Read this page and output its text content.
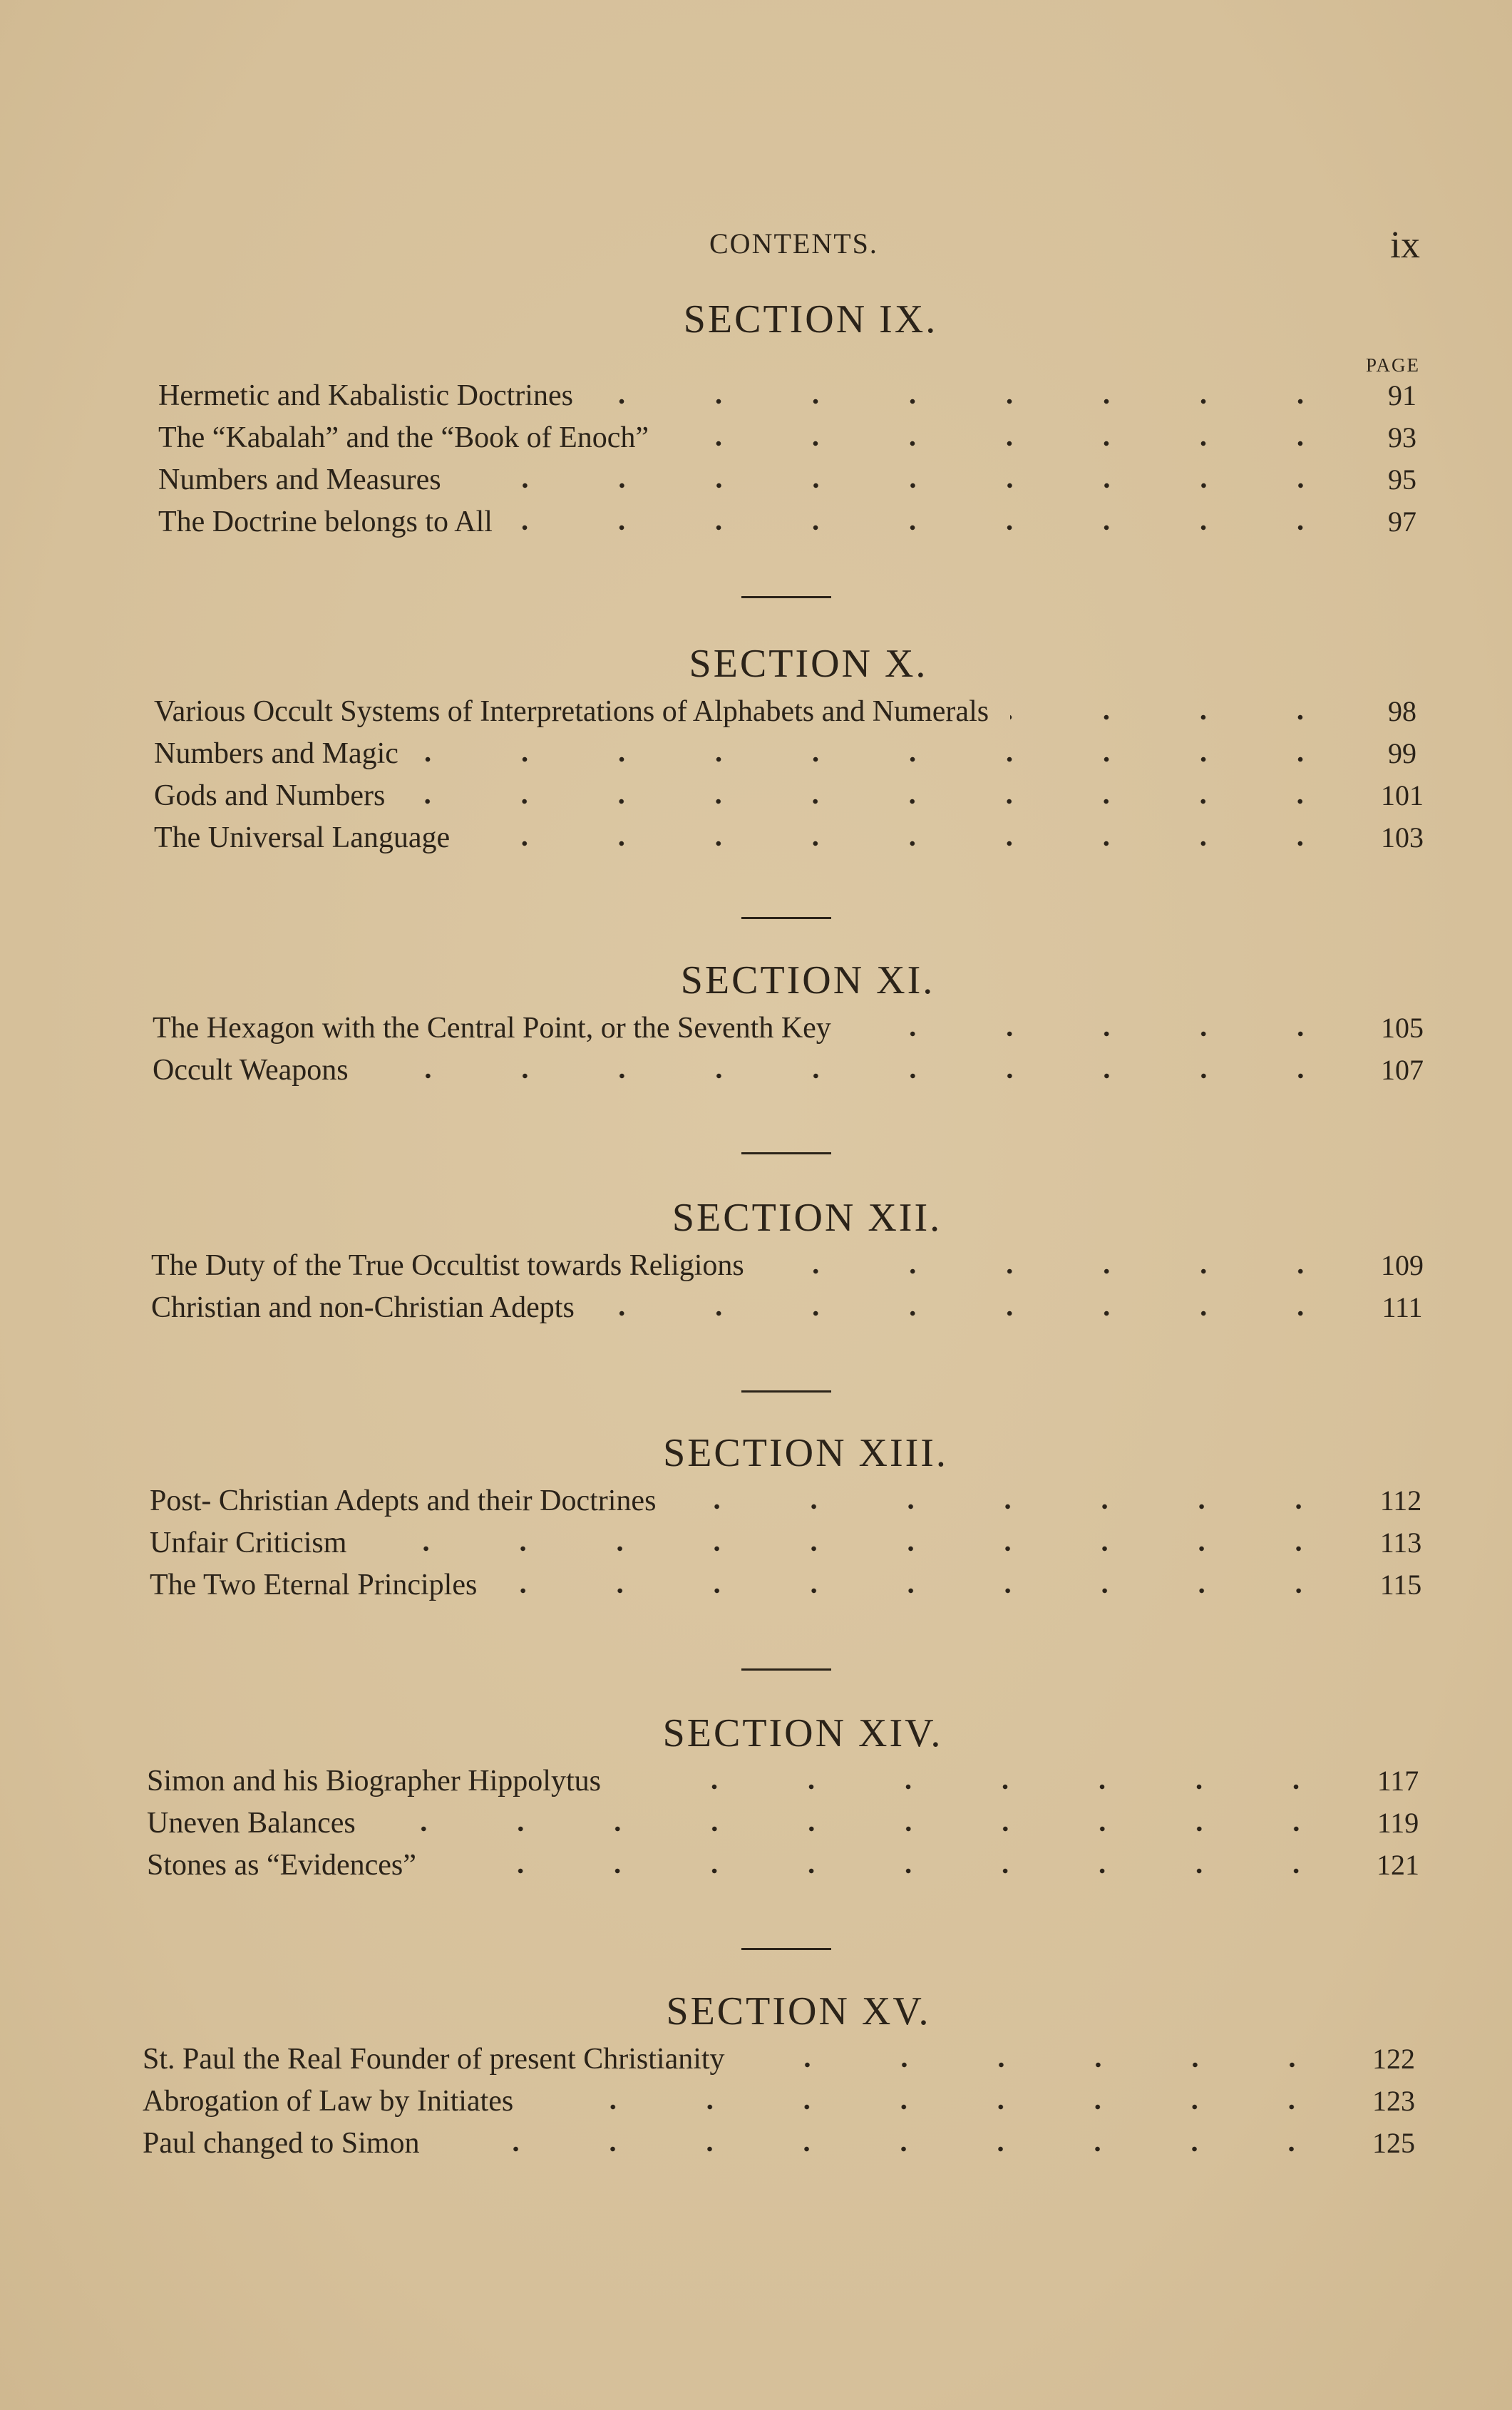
CONTENTS.	ix
SECTION IX.
PAGE
Hermetic and Kabalistic Doctrines	91
The “Kabalah” and the “Book of Enoch”	93
Numbers and Measures	95
The Doctrine belongs to All	97
SECTION X.
Various Occult Systems of Interpretations of Alphabets and Numerals	98
Numbers and Magic	99
Gods and Numbers	101
The Universal Language	103
SECTION XI.
The Hexagon with the Central Point, or the Seventh Key	105
Occult Weapons	107
SECTION XII.
The Duty of the True Occultist towards Religions	109
Christian and non-Christian Adepts	111
SECTION XIII.
Post- Christian Adepts and their Doctrines	112
Unfair Criticism	113
The Two Eternal Principles	115
SECTION XIV.
Simon and his Biographer Hippolytus	117
Uneven Balances	119
Stones as “Evidences”	121
SECTION XV.
St. Paul the Real Founder of present Christianity	122
Abrogation of Law by Initiates	123
Paul changed to Simon	125
